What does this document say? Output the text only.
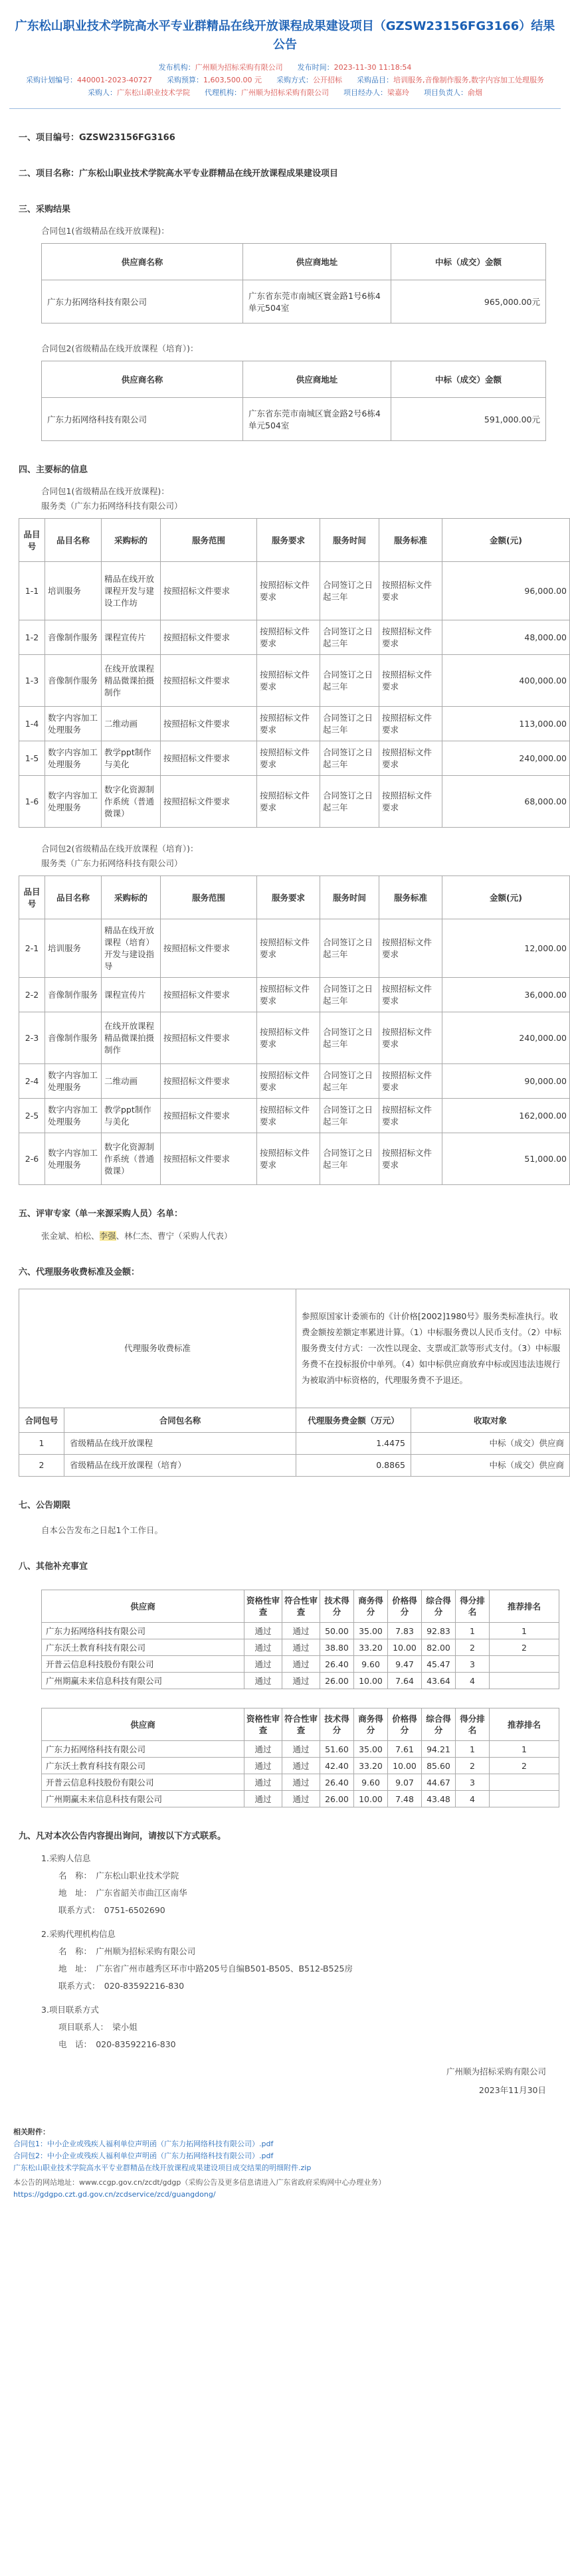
广东松山职业技术学院高水平专业群精品在线开放课程成果建设项目（GZSW23156FG3166）结果公告
发布机构：广州顺为招标采购有限公司 发布时间：2023-11-30 11:18:54
采购计划编号：440001-2023-40727 采购预算：1,603,500.00 元 采购方式：公开招标 采购品目：培训服务,音像制作服务,数字内容加工处理服务
采购人：广东松山职业技术学院 代理机构：广州顺为招标采购有限公司 项目经办人：梁嘉玲 项目负责人：俞烟
一、项目编号：GZSW23156FG3166
二、项目名称：广东松山职业技术学院高水平专业群精品在线开放课程成果建设项目
三、采购结果
合同包1(省级精品在线开放课程)：
供应商名称	供应商地址	中标（成交）金额
广东力拓网络科技有限公司	广东省东莞市南城区寰金路1号6栋4单元504室	965,000.00元
合同包2(省级精品在线开放课程（培育）)：
供应商名称	供应商地址	中标（成交）金额
广东力拓网络科技有限公司	广东省东莞市南城区寰金路2号6栋4单元504室	591,000.00元
四、主要标的信息
合同包1(省级精品在线开放课程)：
服务类（广东力拓网络科技有限公司）
品目号	品目名称	采购标的	服务范围	服务要求	服务时间	服务标准	金额(元)
1-1	培训服务	精品在线开放课程开发与建设工作坊	按照招标文件要求	按照招标文件要求	合同签订之日起三年	按照招标文件要求	96,000.00
1-2	音像制作服务	课程宣传片	按照招标文件要求	按照招标文件要求	合同签订之日起三年	按照招标文件要求	48,000.00
1-3	音像制作服务	在线开放课程精品微课拍摄制作	按照招标文件要求	按照招标文件要求	合同签订之日起三年	按照招标文件要求	400,000.00
1-4	数字内容加工处理服务	二维动画	按照招标文件要求	按照招标文件要求	合同签订之日起三年	按照招标文件要求	113,000.00
1-5	数字内容加工处理服务	教学ppt制作与美化	按照招标文件要求	按照招标文件要求	合同签订之日起三年	按照招标文件要求	240,000.00
1-6	数字内容加工处理服务	数字化资源制作系统（普通微课）	按照招标文件要求	按照招标文件要求	合同签订之日起三年	按照招标文件要求	68,000.00
合同包2(省级精品在线开放课程（培育）)：
服务类（广东力拓网络科技有限公司）
品目号	品目名称	采购标的	服务范围	服务要求	服务时间	服务标准	金额(元)
2-1	培训服务	精品在线开放课程（培育）开发与建设指导	按照招标文件要求	按照招标文件要求	合同签订之日起三年	按照招标文件要求	12,000.00
2-2	音像制作服务	课程宣传片	按照招标文件要求	按照招标文件要求	合同签订之日起三年	按照招标文件要求	36,000.00
2-3	音像制作服务	在线开放课程精品微课拍摄制作	按照招标文件要求	按照招标文件要求	合同签订之日起三年	按照招标文件要求	240,000.00
2-4	数字内容加工处理服务	二维动画	按照招标文件要求	按照招标文件要求	合同签订之日起三年	按照招标文件要求	90,000.00
2-5	数字内容加工处理服务	教学ppt制作与美化	按照招标文件要求	按照招标文件要求	合同签订之日起三年	按照招标文件要求	162,000.00
2-6	数字内容加工处理服务	数字化资源制作系统（普通微课）	按照招标文件要求	按照招标文件要求	合同签订之日起三年	按照招标文件要求	51,000.00
五、评审专家（单一来源采购人员）名单：
张金斌、柏松、李强、林仁杰、曹宁（采购人代表）
六、代理服务收费标准及金额：
代理服务收费标准		参照原国家计委颁布的《计价格[2002]1980号》服务类标准执行。收费金额按差额定率累进计算。（1）中标服务费以人民币支付。（2）中标服务费支付方式：一次性以现金、支票或汇款等形式支付。（3）中标服务费不在投标报价中单列。（4）如中标供应商放弃中标或因违法违规行为被取消中标资格的，代理服务费不予退还。	
合同包号	合同包名称	代理服务费金额（万元）	收取对象
1	省级精品在线开放课程	1.4475	中标（成交）供应商
2	省级精品在线开放课程（培育）	0.8865	中标（成交）供应商
七、公告期限
自本公告发布之日起1个工作日。
八、其他补充事宜
供应商	资格性审查	符合性审查	技术得分	商务得分	价格得分	综合得分	得分排名	推荐排名
广东力拓网络科技有限公司	通过	通过	50.00	35.00	7.83	92.83	1	1
广东沃土教育科技有限公司	通过	通过	38.80	33.20	10.00	82.00	2	2
开普云信息科技股份有限公司	通过	通过	26.40	9.60	9.47	45.47	3	
广州期赢未来信息科技有限公司	通过	通过	26.00	10.00	7.64	43.64	4	
供应商	资格性审查	符合性审查	技术得分	商务得分	价格得分	综合得分	得分排名	推荐排名
广东力拓网络科技有限公司	通过	通过	51.60	35.00	7.61	94.21	1	1
广东沃土教育科技有限公司	通过	通过	42.40	33.20	10.00	85.60	2	2
开普云信息科技股份有限公司	通过	通过	26.40	9.60	9.07	44.67	3	
广州期赢未来信息科技有限公司	通过	通过	26.00	10.00	7.48	43.48	4	
九、凡对本次公告内容提出询问，请按以下方式联系。
1.采购人信息
名　称：　广东松山职业技术学院
地　址：　广东省韶关市曲江区南华
联系方式：　0751-6502690
2.采购代理机构信息
名　称：　广州顺为招标采购有限公司
地　址：　广东省广州市越秀区环市中路205号自编B501-B505、B512-B525房
联系方式：　020-83592216-830
3.项目联系方式
项目联系人：　梁小姐
电　话：　020-83592216-830
广州顺为招标采购有限公司
2023年11月30日
相关附件：
合同包1：中小企业或残疾人福利单位声明函（广东力拓网络科技有限公司）.pdf
合同包2：中小企业或残疾人福利单位声明函（广东力拓网络科技有限公司）.pdf
广东松山职业技术学院高水平专业群精品在线开放课程成果建设项目成交结果的明细附件.zip
本公告的网站地址：www.ccgp.gov.cn/zcdt/gdgp（采购公告及更多信息请进入广东省政府采购网中心办理业务）
https://gdgpo.czt.gd.gov.cn/zcdservice/zcd/guangdong/
